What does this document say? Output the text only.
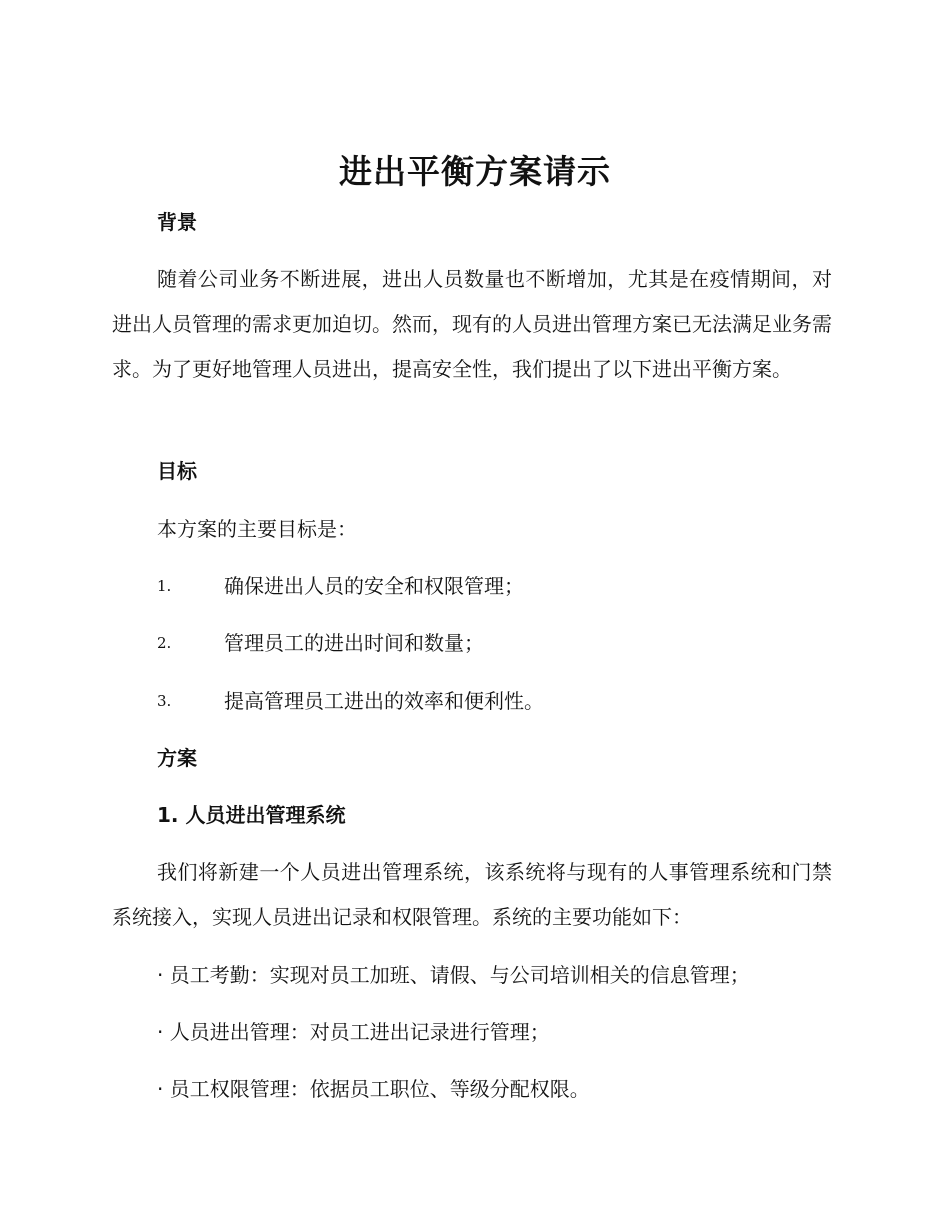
进出平衡方案请示
背景

随着公司业务不断进展，进出人员数量也不断增加，尤其是在疫情期间，对进出人员管理的需求更加迫切。然而，现有的人员进出管理方案已无法满足业务需求。为了更好地管理人员进出，提高安全性，我们提出了以下进出平衡方案。

目标
本方案的主要目标是：
1.	确保进出人员的安全和权限管理；
2.	管理员工的进出时间和数量；
3.	提高管理员工进出的效率和便利性。
方案
1. 人员进出管理系统

我们将新建一个人员进出管理系统，该系统将与现有的人事管理系统和门禁系统接入，实现人员进出记录和权限管理。系统的主要功能如下：

· 员工考勤：实现对员工加班、请假、与公司培训相关的信息管理；
· 人员进出管理：对员工进出记录进行管理；
· 员工权限管理：依据员工职位、等级分配权限。
